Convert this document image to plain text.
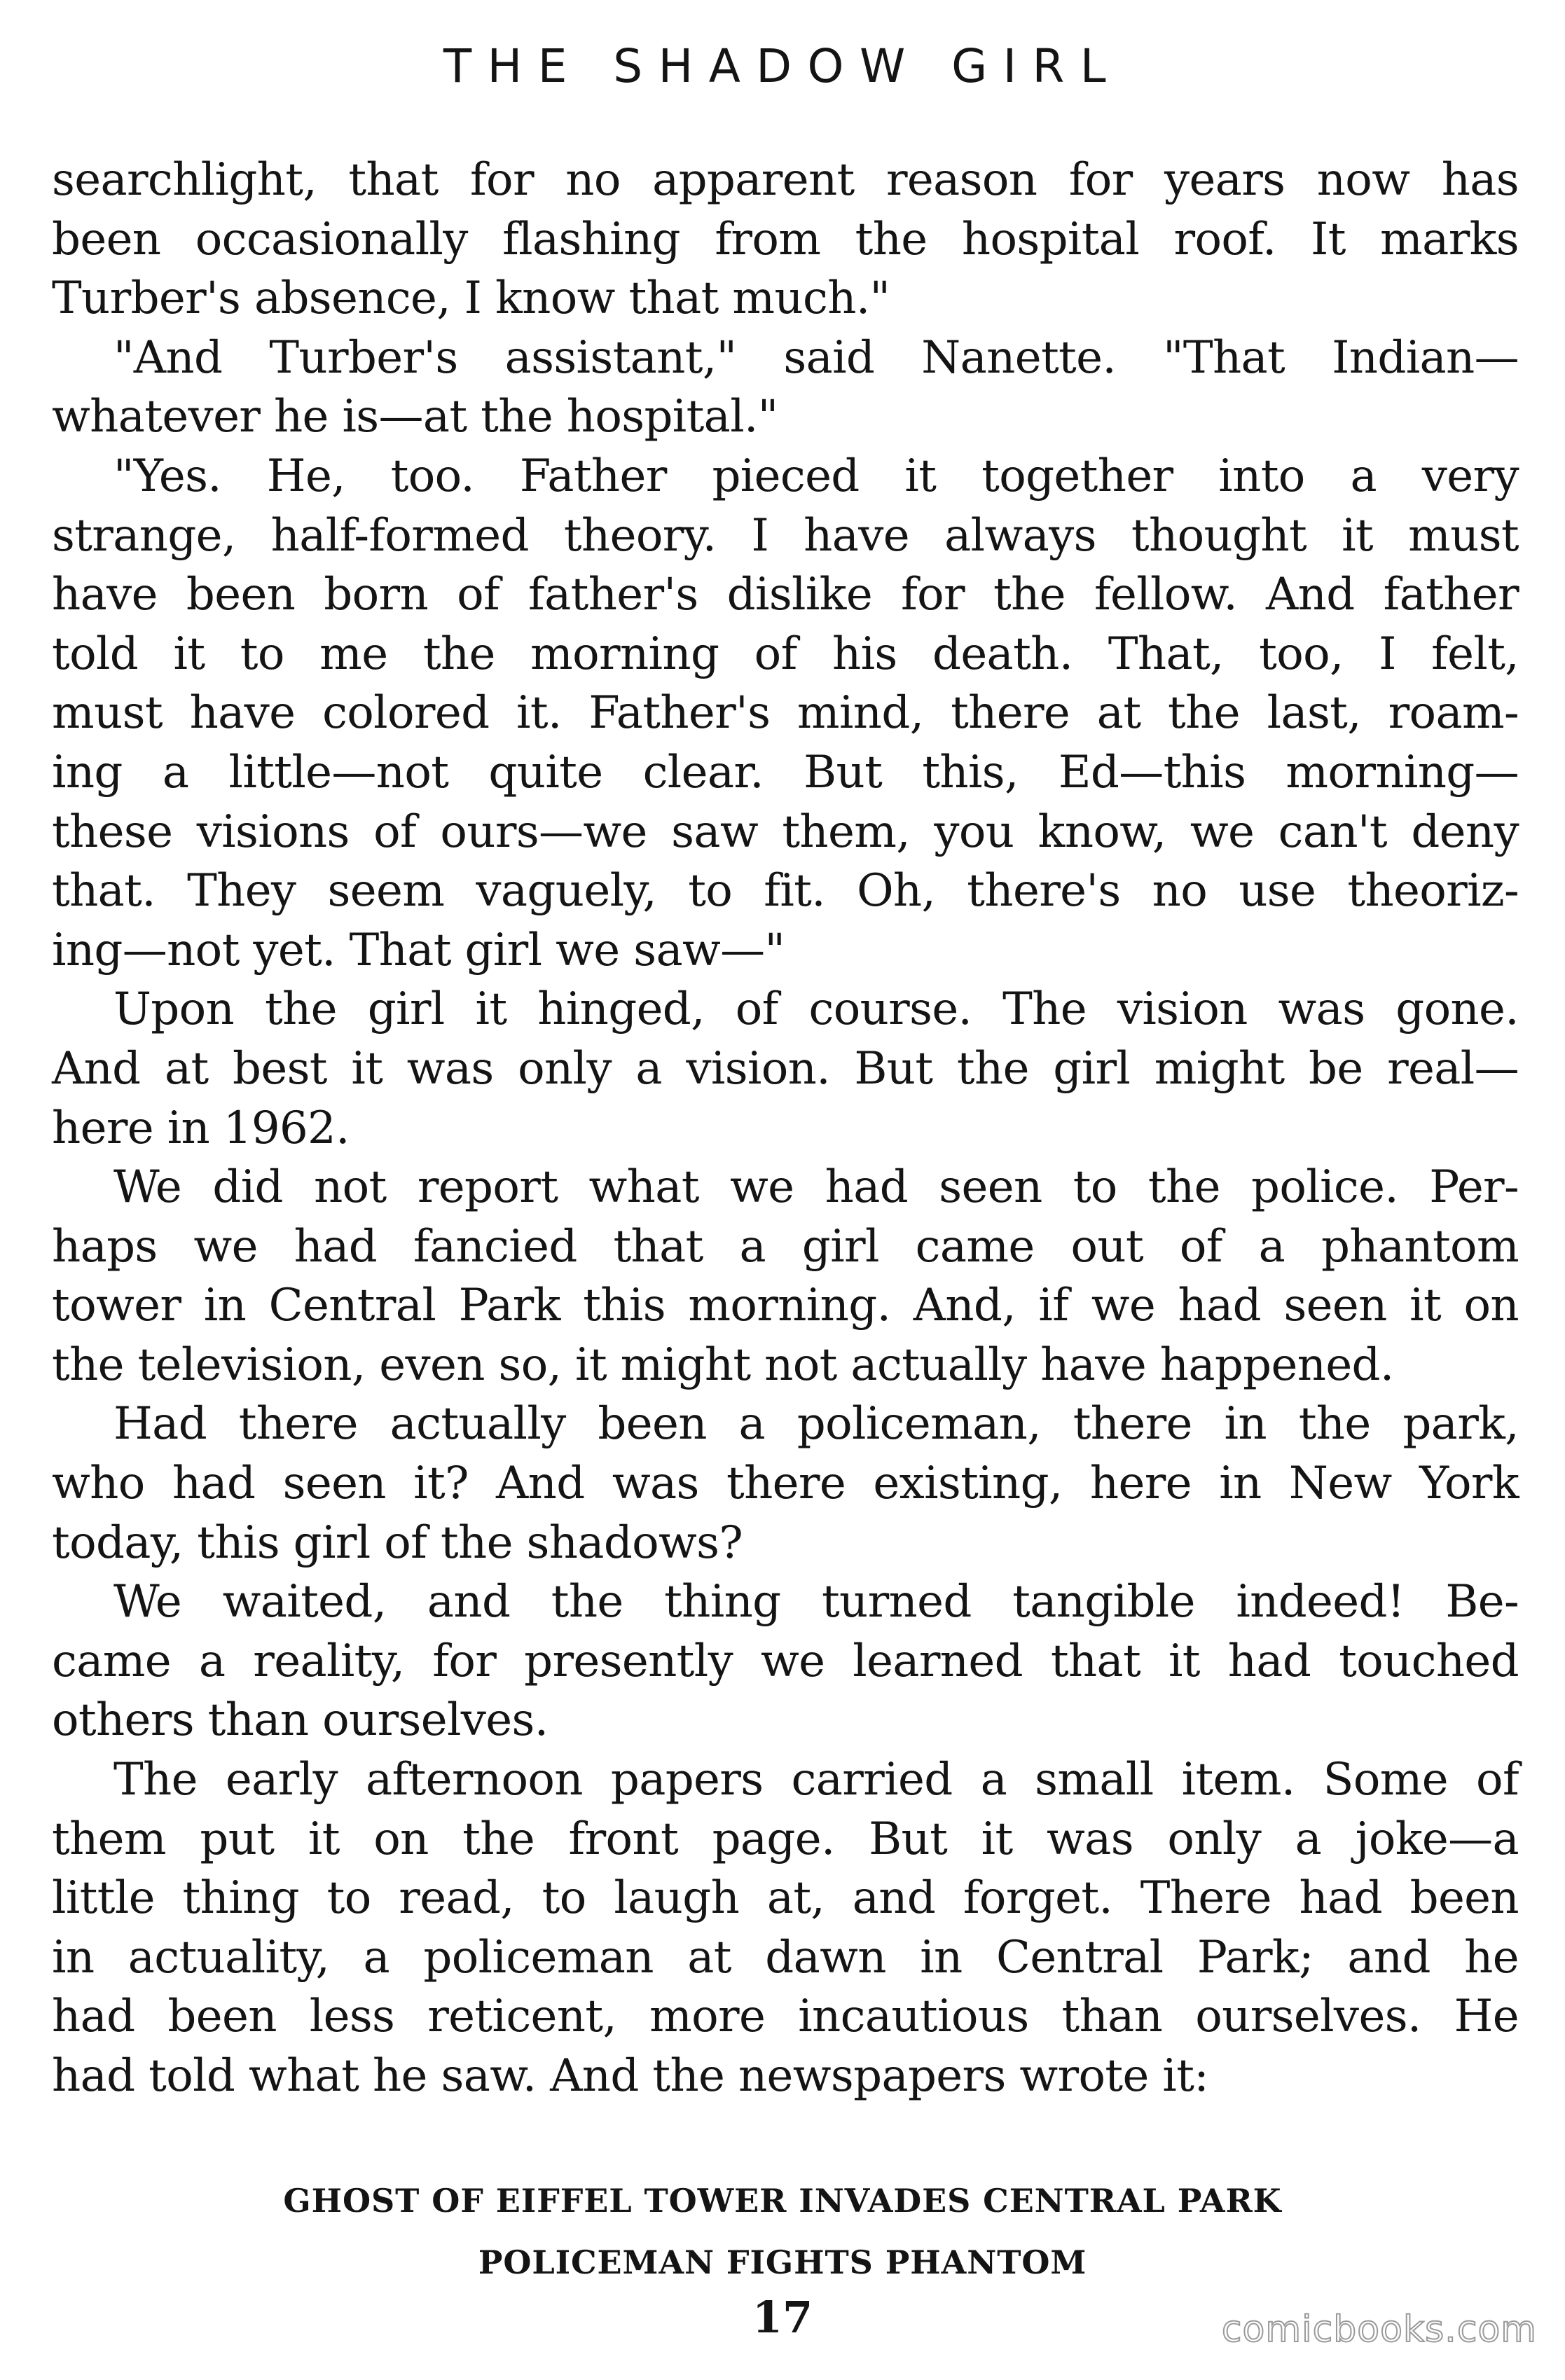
THE SHADOW GIRL
searchlight, that for no apparent reason for years now has
been occasionally flashing from the hospital roof. It marks
Turber's absence, I know that much."
"And Turber's assistant," said Nanette. "That Indian—
whatever he is—at the hospital."
"Yes. He, too. Father pieced it together into a very
strange, half-formed theory. I have always thought it must
have been born of father's dislike for the fellow. And father
told it to me the morning of his death. That, too, I felt,
must have colored it. Father's mind, there at the last, roam-
ing a little—not quite clear. But this, Ed—this morning—
these visions of ours—we saw them, you know, we can't deny
that. They seem vaguely, to fit. Oh, there's no use theoriz-
ing—not yet. That girl we saw—"
Upon the girl it hinged, of course. The vision was gone.
And at best it was only a vision. But the girl might be real—
here in 1962.
We did not report what we had seen to the police. Per-
haps we had fancied that a girl came out of a phantom
tower in Central Park this morning. And, if we had seen it on
the television, even so, it might not actually have happened.
Had there actually been a policeman, there in the park,
who had seen it? And was there existing, here in New York
today, this girl of the shadows?
We waited, and the thing turned tangible indeed! Be-
came a reality, for presently we learned that it had touched
others than ourselves.
The early afternoon papers carried a small item. Some of
them put it on the front page. But it was only a joke—a
little thing to read, to laugh at, and forget. There had been
in actuality, a policeman at dawn in Central Park; and he
had been less reticent, more incautious than ourselves. He
had told what he saw. And the newspapers wrote it:
GHOST OF EIFFEL TOWER INVADES CENTRAL PARK
POLICEMAN FIGHTS PHANTOM
17	comicbooks.com
